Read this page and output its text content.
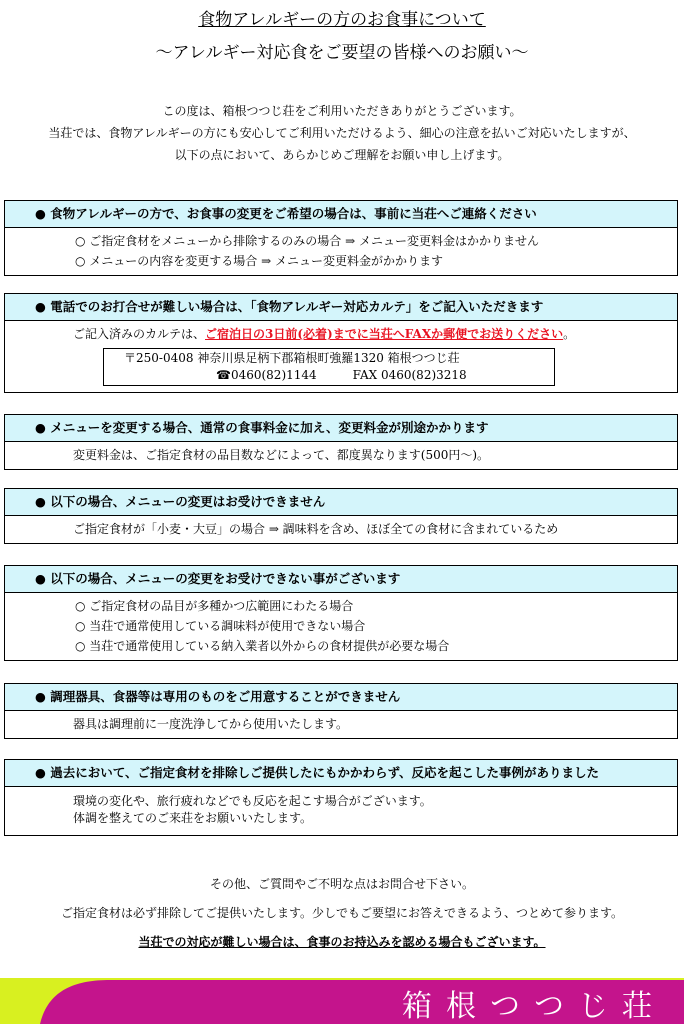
食物アレルギーの方のお食事について
〜アレルギー対応食をご要望の皆様へのお願い〜
この度は、箱根つつじ荘をご利用いただきありがとうございます。
当荘では、食物アレルギーの方にも安心してご利用いただけるよう、細心の注意を払いご対応いたしますが、
以下の点において、あらかじめご理解をお願い申し上げます。
● 食物アレルギーの方で、お食事の変更をご希望の場合は、事前に当荘へご連絡ください
○ ご指定食材をメニューから排除するのみの場合 ⇒ メニュー変更料金はかかりません
○ メニューの内容を変更する場合 ⇒ メニュー変更料金がかかります
● 電話でのお打合せが難しい場合は、「食物アレルギー対応カルテ」をご記入いただきます
ご記入済みのカルテは、ご宿泊日の3日前(必着)までに当荘へFAXか郵便でお送りください。
〒250-0408 神奈川県足柄下郡箱根町強羅1320 箱根つつじ荘
☎0460(82)1144　　　FAX 0460(82)3218
● メニューを変更する場合、通常の食事料金に加え、変更料金が別途かかります
変更料金は、ご指定食材の品目数などによって、都度異なります(500円〜)。
● 以下の場合、メニューの変更はお受けできません
ご指定食材が「小麦・大豆」の場合 ⇒ 調味料を含め、ほぼ全ての食材に含まれているため
● 以下の場合、メニューの変更をお受けできない事がございます
○ ご指定食材の品目が多種かつ広範囲にわたる場合
○ 当荘で通常使用している調味料が使用できない場合
○ 当荘で通常使用している納入業者以外からの食材提供が必要な場合
● 調理器具、食器等は専用のものをご用意することができません
器具は調理前に一度洗浄してから使用いたします。
● 過去において、ご指定食材を排除しご提供したにもかかわらず、反応を起こした事例がありました
環境の変化や、旅行疲れなどでも反応を起こす場合がございます。
体調を整えてのご来荘をお願いいたします。
その他、ご質問やご不明な点はお問合せ下さい。
ご指定食材は必ず排除してご提供いたします。少しでもご要望にお答えできるよう、つとめて参ります。
当荘での対応が難しい場合は、食事のお持込みを認める場合もございます。
箱根つつじ荘
